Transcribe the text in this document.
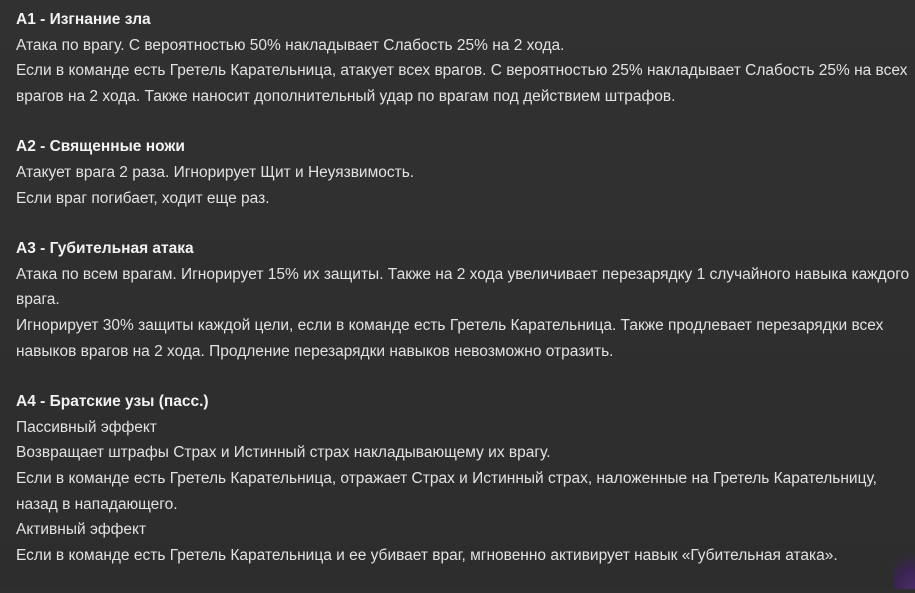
A1 - Изгнание зла
Атака по врагу. С вероятностью 50% накладывает Слабость 25% на 2 хода.
Если в команде есть Гретель Карательница, атакует всех врагов. С вероятностью 25% накладывает Слабость 25% на всех врагов на 2 хода. Также наносит дополнительный удар по врагам под действием штрафов.
A2 - Священные ножи
Атакует врага 2 раза. Игнорирует Щит и Неуязвимость.
Если враг погибает, ходит еще раз.
A3 - Губительная атака
Атака по всем врагам. Игнорирует 15% их защиты. Также на 2 хода увеличивает перезарядку 1 случайного навыка каждого врага.
Игнорирует 30% защиты каждой цели, если в команде есть Гретель Карательница. Также продлевает перезарядки всех навыков врагов на 2 хода. Продление перезарядки навыков невозможно отразить.
A4 - Братские узы (пасс.)
Пассивный эффект
Возвращает штрафы Страх и Истинный страх накладывающему их врагу.
Если в команде есть Гретель Карательница, отражает Страх и Истинный страх, наложенные на Гретель Карательницу, назад в нападающего.
Активный эффект
Если в команде есть Гретель Карательница и ее убивает враг, мгновенно активирует навык «Губительная атака».
